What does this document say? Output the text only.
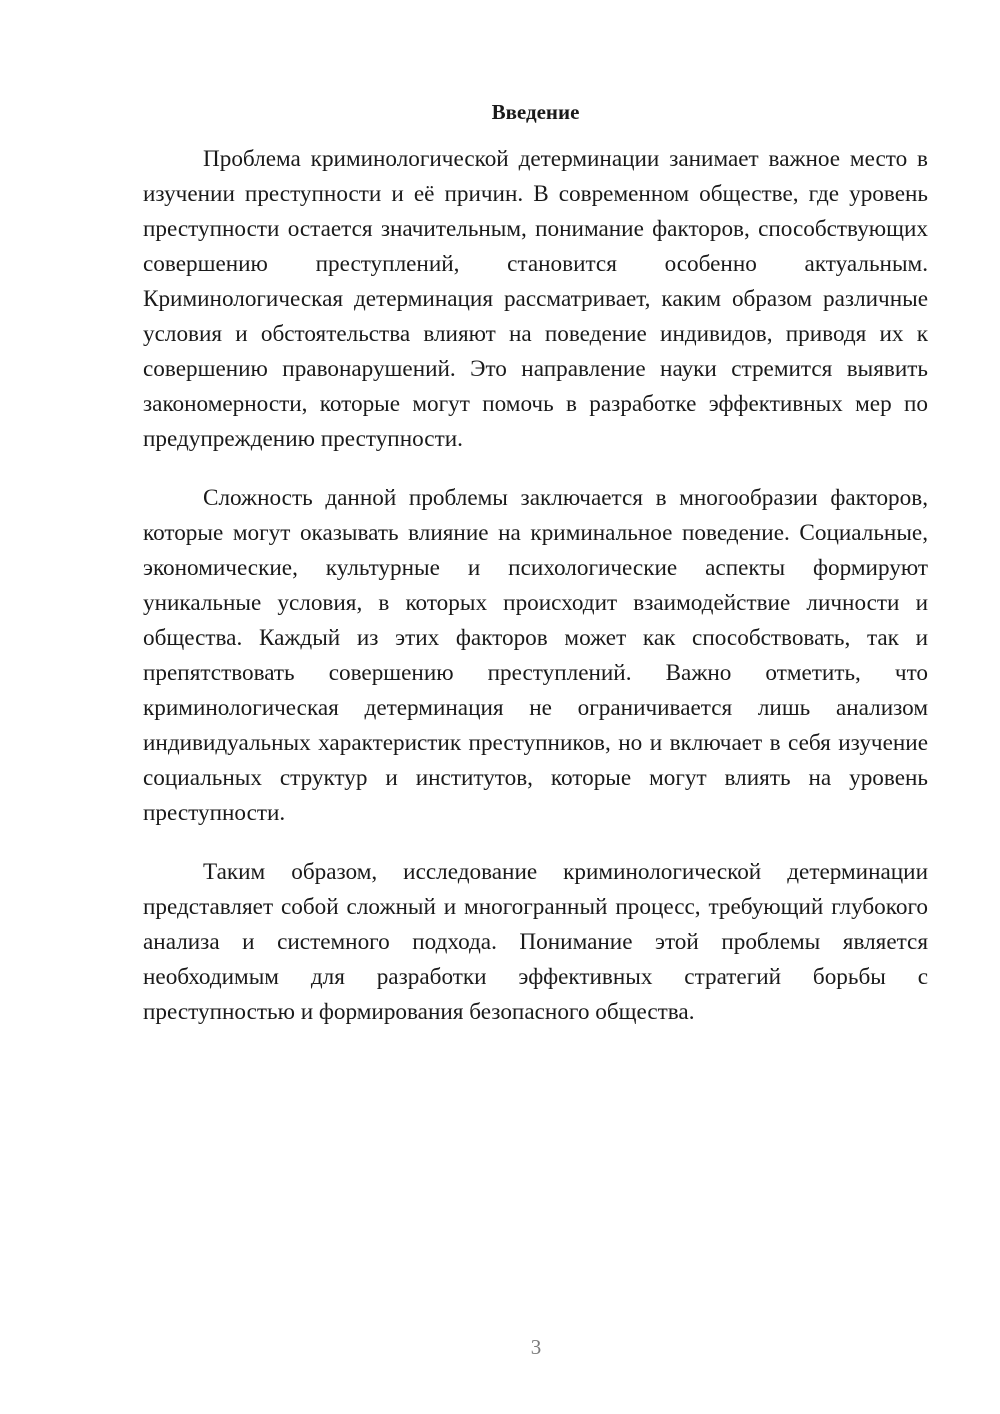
Введение

Проблема криминологической детерминации занимает важное место в изучении преступности и её причин. В современном обществе, где уровень преступности остается значительным, понимание факторов, способствующих совершению преступлений, становится особенно актуальным. Криминологическая детерминация рассматривает, каким образом различные условия и обстоятельства влияют на поведение индивидов, приводя их к совершению правонарушений. Это направление науки стремится выявить закономерности, которые могут помочь в разработке эффективных мер по предупреждению преступности.

Сложность данной проблемы заключается в многообразии факторов, которые могут оказывать влияние на криминальное поведение. Социальные, экономические, культурные и психологические аспекты формируют уникальные условия, в которых происходит взаимодействие личности и общества. Каждый из этих факторов может как способствовать, так и препятствовать совершению преступлений. Важно отметить, что криминологическая детерминация не ограничивается лишь анализом индивидуальных характеристик преступников, но и включает в себя изучение социальных структур и институтов, которые могут влиять на уровень преступности.

Таким образом, исследование криминологической детерминации представляет собой сложный и многогранный процесс, требующий глубокого анализа и системного подхода. Понимание этой проблемы является необходимым для разработки эффективных стратегий борьбы с преступностью и формирования безопасного общества.

3
